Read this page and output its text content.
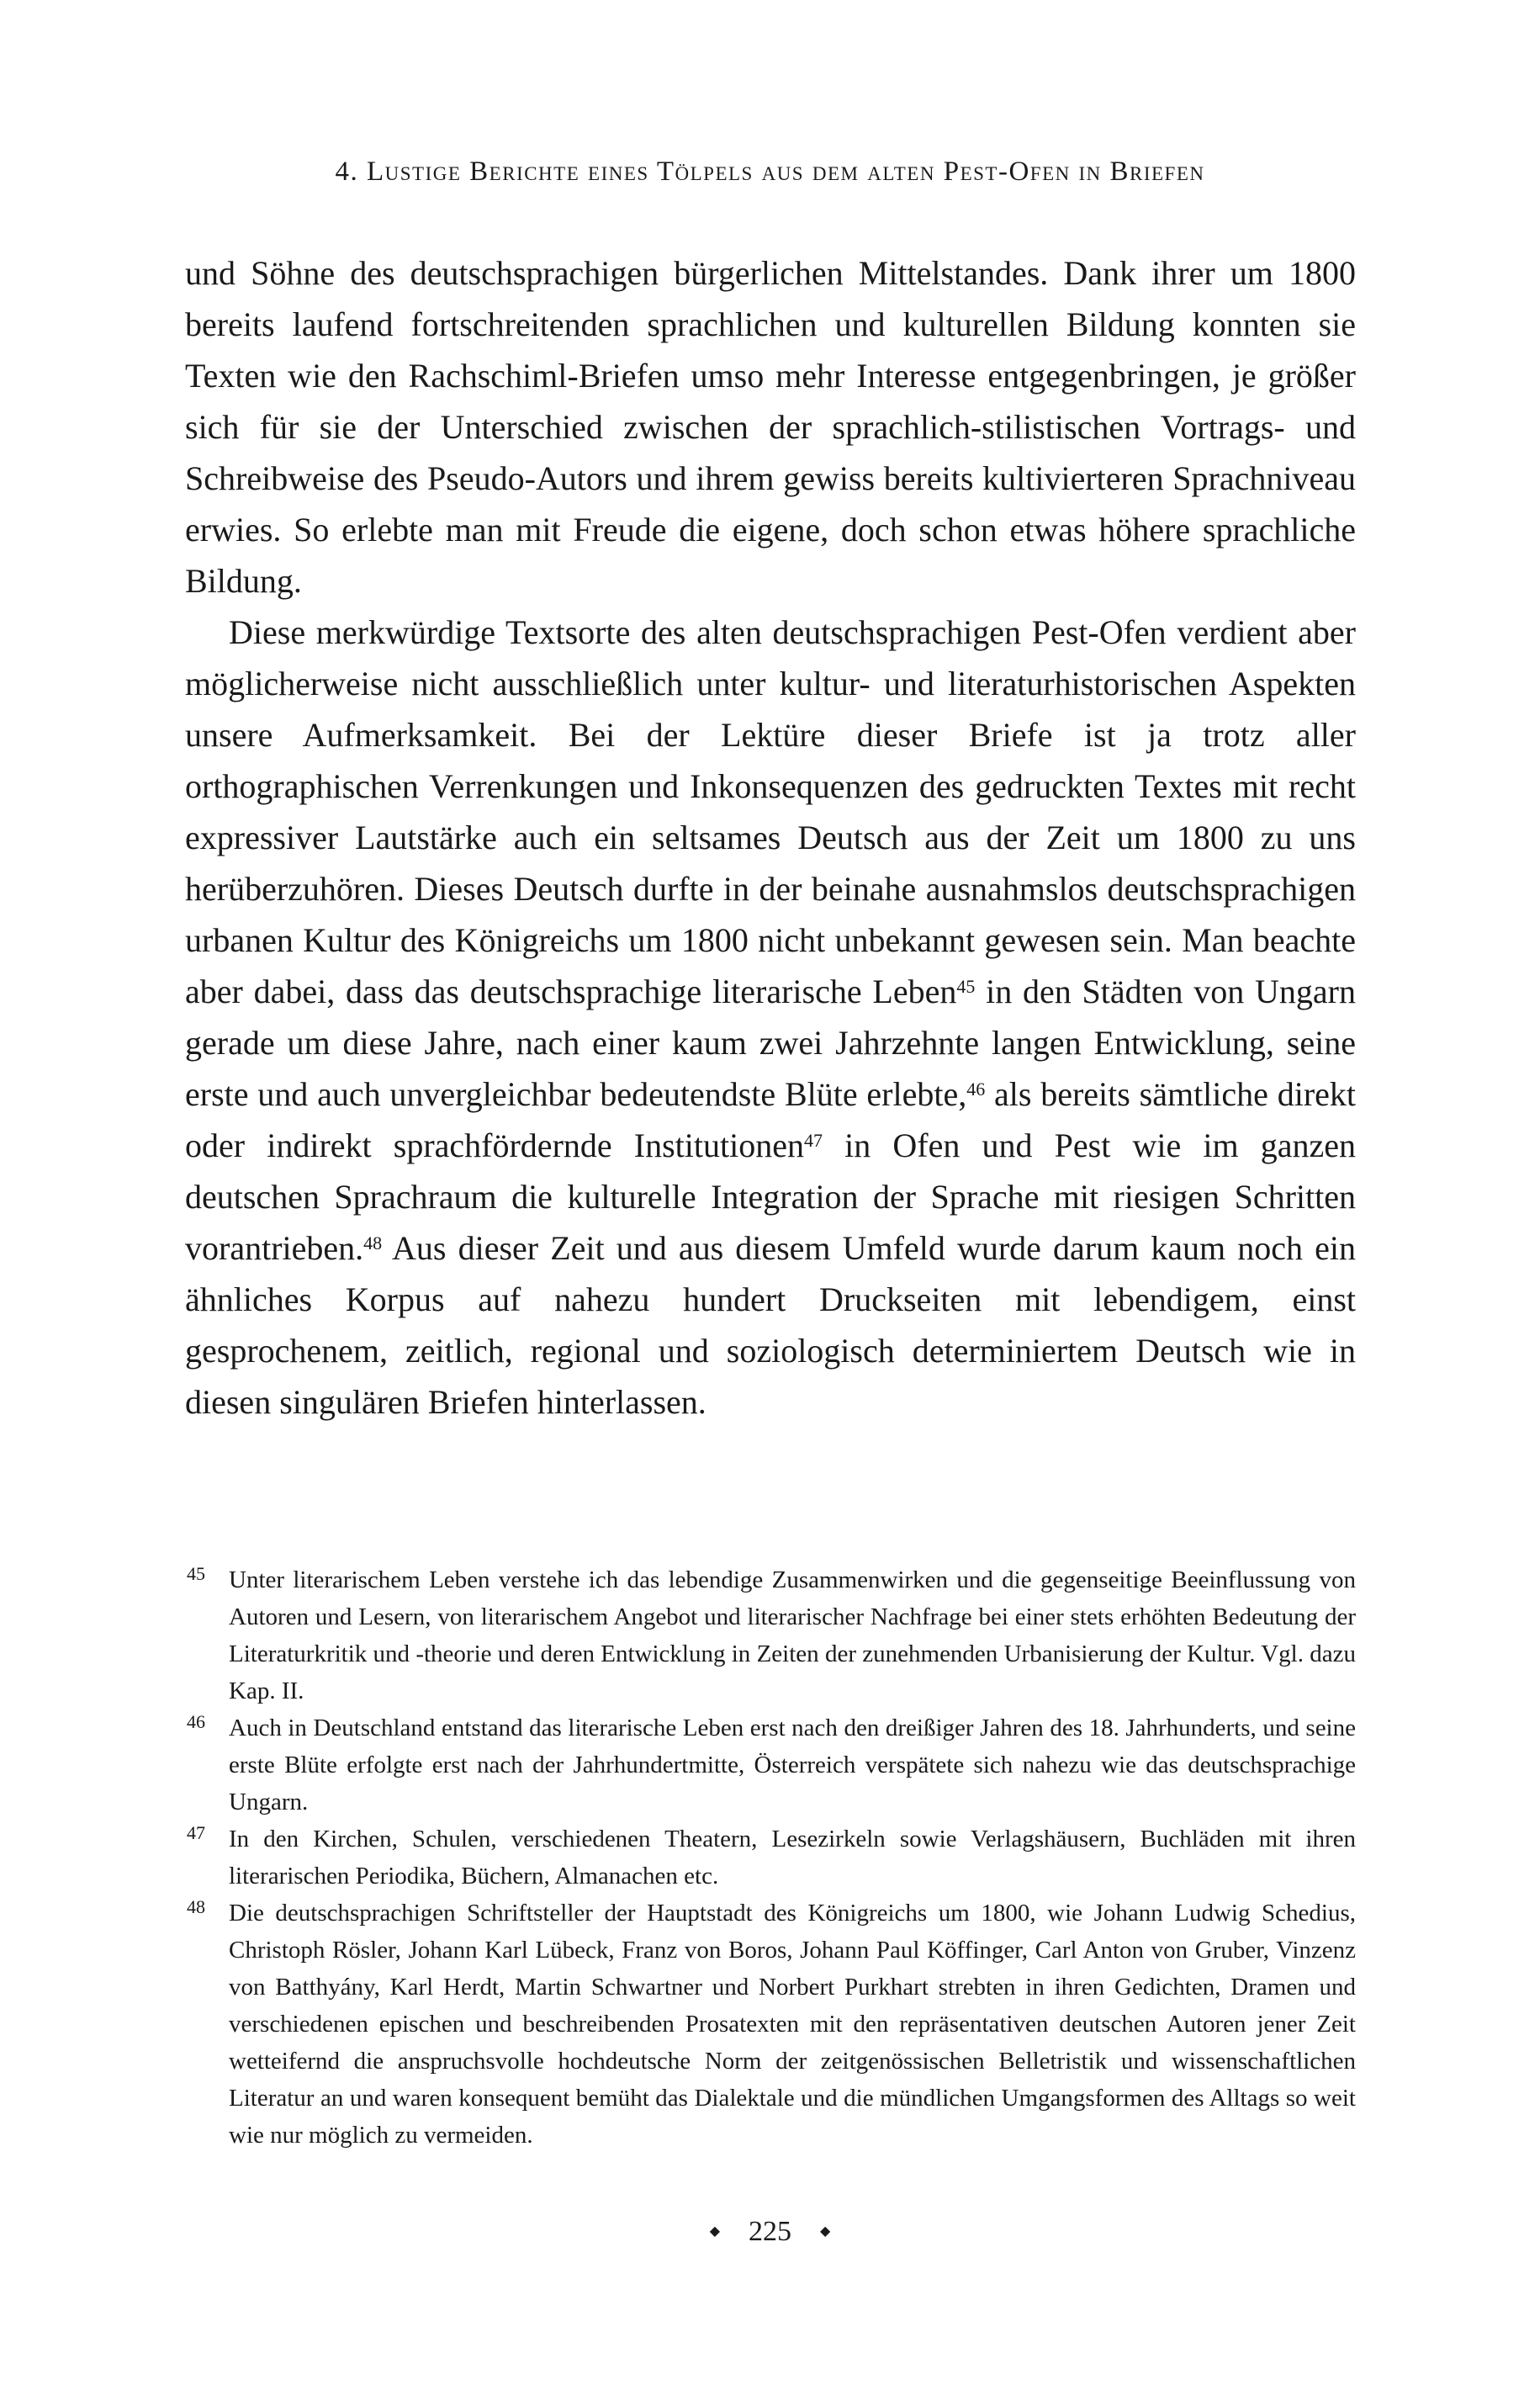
4. Lustige Berichte eines Tölpels aus dem alten Pest-Ofen in Briefen

und Söhne des deutschsprachigen bürgerlichen Mittelstandes. Dank ihrer um 1800 bereits laufend fortschreitenden sprachlichen und kulturellen Bildung konnten sie Texten wie den Rachschiml-Briefen umso mehr Interesse entgegenbringen, je größer sich für sie der Unterschied zwischen der sprachlich-stilistischen Vortrags- und Schreibweise des Pseudo-Autors und ihrem gewiss bereits kultivierteren Sprachniveau erwies. So erlebte man mit Freude die eigene, doch schon etwas höhere sprachliche Bildung.

Diese merkwürdige Textsorte des alten deutschsprachigen Pest-Ofen verdient aber möglicherweise nicht ausschließlich unter kultur- und literaturhistorischen Aspekten unsere Aufmerksamkeit. Bei der Lektüre dieser Briefe ist ja trotz aller orthographischen Verrenkungen und Inkonsequenzen des gedruckten Textes mit recht expressiver Lautstärke auch ein seltsames Deutsch aus der Zeit um 1800 zu uns herüberzuhören. Dieses Deutsch durfte in der beinahe ausnahmslos deutschsprachigen urbanen Kultur des Königreichs um 1800 nicht unbekannt gewesen sein. Man beachte aber dabei, dass das deutschsprachige literarische Leben$^{45}$ in den Städten von Ungarn gerade um diese Jahre, nach einer kaum zwei Jahrzehnte langen Entwicklung, seine erste und auch unvergleichbar bedeutendste Blüte erlebte,$^{46}$ als bereits sämtliche direkt oder indirekt sprachfördernde Institutionen$^{47}$ in Ofen und Pest wie im ganzen deutschen Sprachraum die kulturelle Integration der Sprache mit riesigen Schritten vorantrieben.$^{48}$ Aus dieser Zeit und aus diesem Umfeld wurde darum kaum noch ein ähnliches Korpus auf nahezu hundert Druckseiten mit lebendigem, einst gesprochenem, zeitlich, regional und soziologisch determiniertem Deutsch wie in diesen singulären Briefen hinterlassen.

45 Unter literarischem Leben verstehe ich das lebendige Zusammenwirken und die gegenseitige Beeinflussung von Autoren und Lesern, von literarischem Angebot und literarischer Nachfrage bei einer stets erhöhten Bedeutung der Literaturkritik und -theorie und deren Entwicklung in Zeiten der zunehmenden Urbanisierung der Kultur. Vgl. dazu Kap. II.
46 Auch in Deutschland entstand das literarische Leben erst nach den dreißiger Jahren des 18. Jahrhunderts, und seine erste Blüte erfolgte erst nach der Jahrhundertmitte, Österreich verspätete sich nahezu wie das deutschsprachige Ungarn.
47 In den Kirchen, Schulen, verschiedenen Theatern, Lesezirkeln sowie Verlagshäusern, Buchläden mit ihren literarischen Periodika, Büchern, Almanachen etc.
48 Die deutschsprachigen Schriftsteller der Hauptstadt des Königreichs um 1800, wie Johann Ludwig Schedius, Christoph Rösler, Johann Karl Lübeck, Franz von Boros, Johann Paul Köffinger, Carl Anton von Gruber, Vinzenz von Batthyány, Karl Herdt, Martin Schwartner und Norbert Purkhart strebten in ihren Gedichten, Dramen und verschiedenen epischen und beschreibenden Prosatexten mit den repräsentativen deutschen Autoren jener Zeit wetteifernd die anspruchsvolle hochdeutsche Norm der zeitgenössischen Belletristik und wissenschaftlichen Literatur an und waren konsequent bemüht das Dialektale und die mündlichen Umgangsformen des Alltags so weit wie nur möglich zu vermeiden.
◆ 225 ◆
